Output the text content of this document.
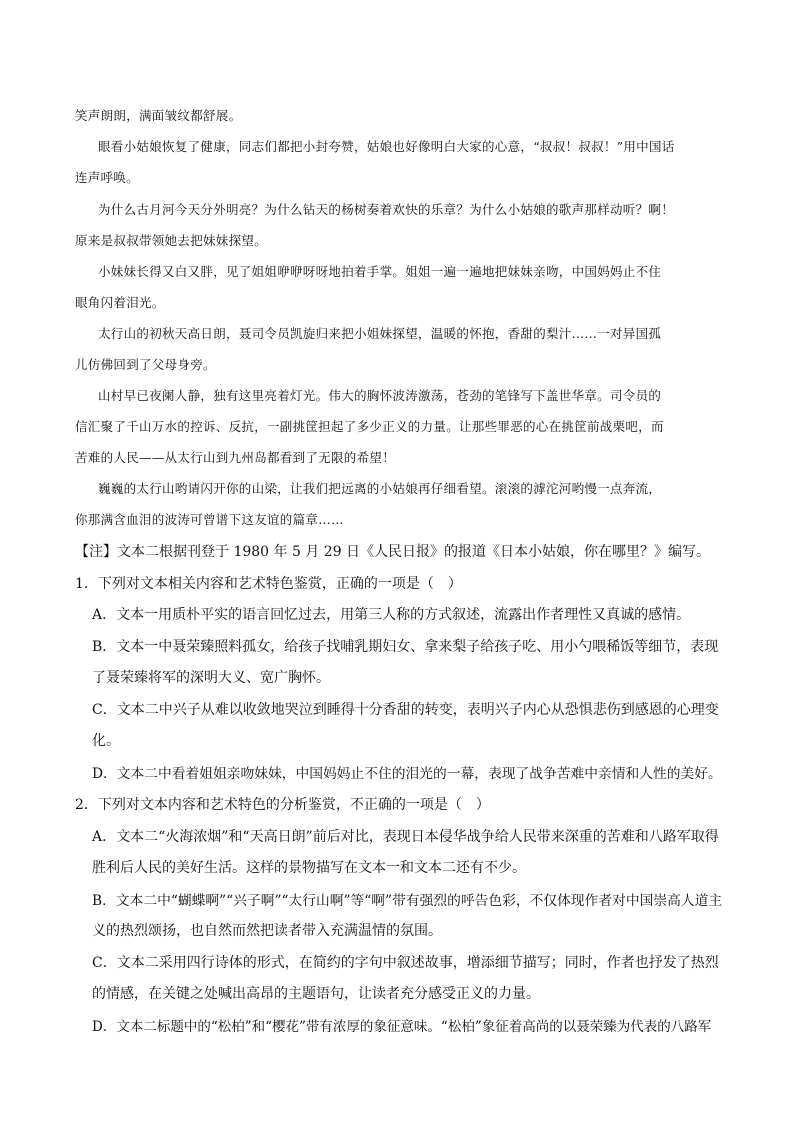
笑声朗朗，满面皱纹都舒展。

眼看小姑娘恢复了健康，同志们都把小封夸赞，姑娘也好像明白大家的心意，“叔叔！叔叔！”用中国话

连声呼唤。

为什么古月河今天分外明亮？为什么钻天的杨树奏着欢快的乐章？为什么小姑娘的歌声那样动听？啊！

原来是叔叔带领她去把妹妹探望。

小妹妹长得又白又胖，见了姐姐咿咿呀呀地拍着手掌。姐姐一遍一遍地把妹妹亲吻，中国妈妈止不住

眼角闪着泪光。

太行山的初秋天高日朗，聂司令员凯旋归来把小姐妹探望，温暖的怀抱，香甜的梨汁……一对异国孤

儿仿佛回到了父母身旁。

山村早已夜阑人静，独有这里亮着灯光。伟大的胸怀波涛激荡，苍劲的笔锋写下盖世华章。司令员的

信汇聚了千山万水的控诉、反抗，一副挑筐担起了多少正义的力量。让那些罪恶的心在挑筐前战栗吧，而

苦难的人民——从太行山到九州岛都看到了无限的希望！

巍巍的太行山哟请闪开你的山梁，让我们把远离的小姑娘再仔细看望。滚滚的滹沱河哟慢一点奔流，

你那满含血泪的波涛可曾谱下这友谊的篇章……

【注】文本二根据刊登于 1980 年 5 月 29 日《人民日报》的报道《日本小姑娘，你在哪里？》编写。

1．下列对文本相关内容和艺术特色鉴赏，正确的一项是（　）

A．文本一用质朴平实的语言回忆过去，用第三人称的方式叙述，流露出作者理性又真诚的感情。

B．文本一中聂荣臻照料孤女，给孩子找哺乳期妇女、拿来梨子给孩子吃、用小勺喂稀饭等细节，表现

了聂荣臻将军的深明大义、宽广胸怀。

C．文本二中兴子从难以收敛地哭泣到睡得十分香甜的转变，表明兴子内心从恐惧悲伤到感恩的心理变

化。

D．文本二中看着姐姐亲吻妹妹，中国妈妈止不住的泪光的一幕，表现了战争苦难中亲情和人性的美好。

2．下列对文本内容和艺术特色的分析鉴赏，不正确的一项是（　）

A．文本二“火海浓烟”和“天高日朗”前后对比，表现日本侵华战争给人民带来深重的苦难和八路军取得

胜利后人民的美好生活。这样的景物描写在文本一和文本二还有不少。

B．文本二中“蝴蝶啊”“兴子啊”“太行山啊”等“啊”带有强烈的呼告色彩，不仅体现作者对中国崇高人道主

义的热烈颂扬，也自然而然把读者带入充满温情的氛围。

C．文本二采用四行诗体的形式，在简约的字句中叙述故事，增添细节描写；同时，作者也抒发了热烈

的情感，在关键之处喊出高昂的主题语句，让读者充分感受正义的力量。

D．文本二标题中的“松柏”和“樱花”带有浓厚的象征意味。“松柏”象征着高尚的以聂荣臻为代表的八路军
